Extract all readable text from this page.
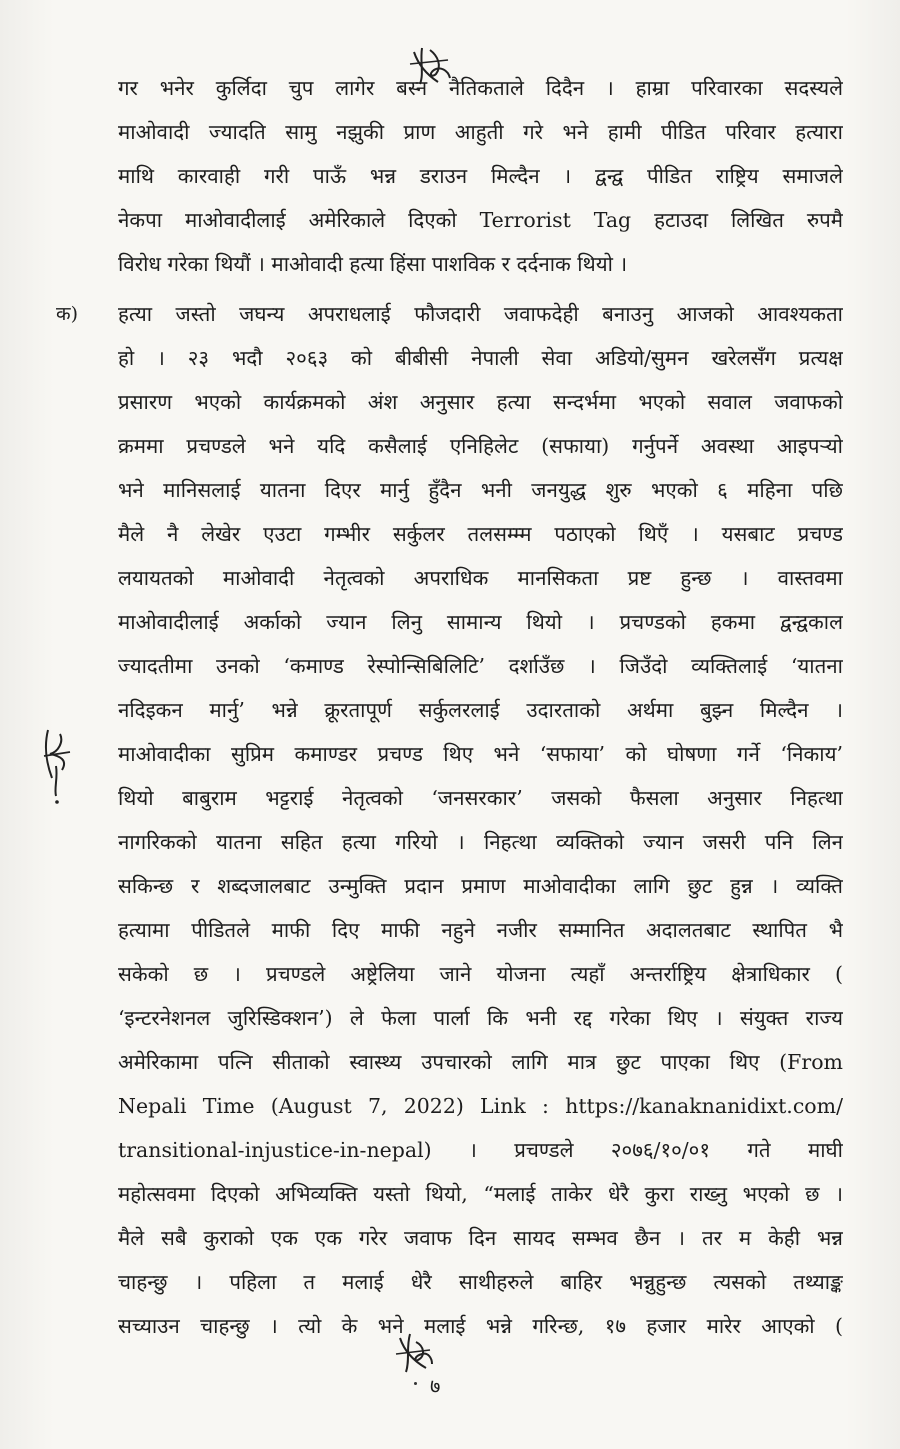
क)
गर भनेर कुर्लिदा चुप लागेर बस्न नैतिकताले दिदैन । हाम्रा परिवारका सदस्यले
माओवादी ज्यादति सामु नझुकी प्राण आहुती गरे भने हामी पीडित परिवार हत्यारा
माथि कारवाही गरी पाऊँ भन्न डराउन मिल्दैन । द्वन्द्व पीडित राष्ट्रिय समाजले
नेकपा माओवादीलाई अमेरिकाले दिएको Terrorist Tag हटाउदा लिखित रुपमै
विरोध गरेका थियौं । माओवादी हत्या हिंसा पाशविक र दर्दनाक थियो ।
हत्या जस्तो जघन्य अपराधलाई फौजदारी जवाफदेही बनाउनु आजको आवश्यकता
हो । २३ भदौ २०६३ को बीबीसी नेपाली सेवा अडियो/सुमन खरेलसँग प्रत्यक्ष
प्रसारण भएको कार्यक्रमको अंश अनुसार हत्या सन्दर्भमा भएको सवाल जवाफको
क्रममा प्रचण्डले भने यदि कसैलाई एनिहिलेट (सफाया) गर्नुपर्ने अवस्था आइपऱ्यो
भने मानिसलाई यातना दिएर मार्नु हुँदैन भनी जनयुद्ध शुरु भएको ६ महिना पछि
मैले नै लेखेर एउटा गम्भीर सर्कुलर तलसम्म्म पठाएको थिएँ । यसबाट प्रचण्ड
लयायतको माओवादी नेतृत्वको अपराधिक मानसिकता प्रष्ट हुन्छ । वास्तवमा
माओवादीलाई अर्काको ज्यान लिनु सामान्य थियो । प्रचण्डको हकमा द्वन्द्वकाल
ज्यादतीमा उनको ‘कमाण्ड रेस्पोन्सिबिलिटि’ दर्शाउँछ । जिउँदो व्यक्तिलाई ‘यातना
नदिइकन मार्नु’ भन्ने क्रूरतापूर्ण सर्कुलरलाई उदारताको अर्थमा बुझ्न मिल्दैन ।
माओवादीका सुप्रिम कमाण्डर प्रचण्ड थिए भने ‘सफाया’ को घोषणा गर्ने ‘निकाय’
थियो बाबुराम भट्टराई नेतृत्वको ‘जनसरकार’ जसको फैसला अनुसार निहत्था
नागरिकको यातना सहित हत्या गरियो । निहत्था व्यक्तिको ज्यान जसरी पनि लिन
सकिन्छ र शब्दजालबाट उन्मुक्ति प्रदान प्रमाण माओवादीका लागि छुट हुन्न । व्यक्ति
हत्यामा पीडितले माफी दिए माफी नहुने नजीर सम्मानित अदालतबाट स्थापित भै
सकेको छ । प्रचण्डले अष्ट्रेलिया जाने योजना त्यहाँ अन्तर्राष्ट्रिय क्षेत्राधिकार (
‘इन्टरनेशनल जुरिस्डिक्शन’) ले फेला पार्ला कि भनी रद्द गरेका थिए । संयुक्त राज्य
अमेरिकामा पत्नि सीताको स्वास्थ्य उपचारको लागि मात्र छुट पाएका थिए (From
Nepali Time (August 7, 2022) Link : https://kanaknanidixt.com/
transitional-injustice-in-nepal) । प्रचण्डले २०७६/१०/०१ गते माघी
महोत्सवमा दिएको अभिव्यक्ति यस्तो थियो, “मलाई ताकेर धेरै कुरा राख्नु भएको छ ।
मैले सबै कुराको एक एक गरेर जवाफ दिन सायद सम्भव छैन । तर म केही भन्न
चाहन्छु । पहिला त मलाई धेरै साथीहरुले बाहिर भन्नुहुन्छ त्यसको तथ्याङ्क
सच्याउन चाहन्छु । त्यो के भने मलाई भन्ने गरिन्छ, १७ हजार मारेर आएको (
७
